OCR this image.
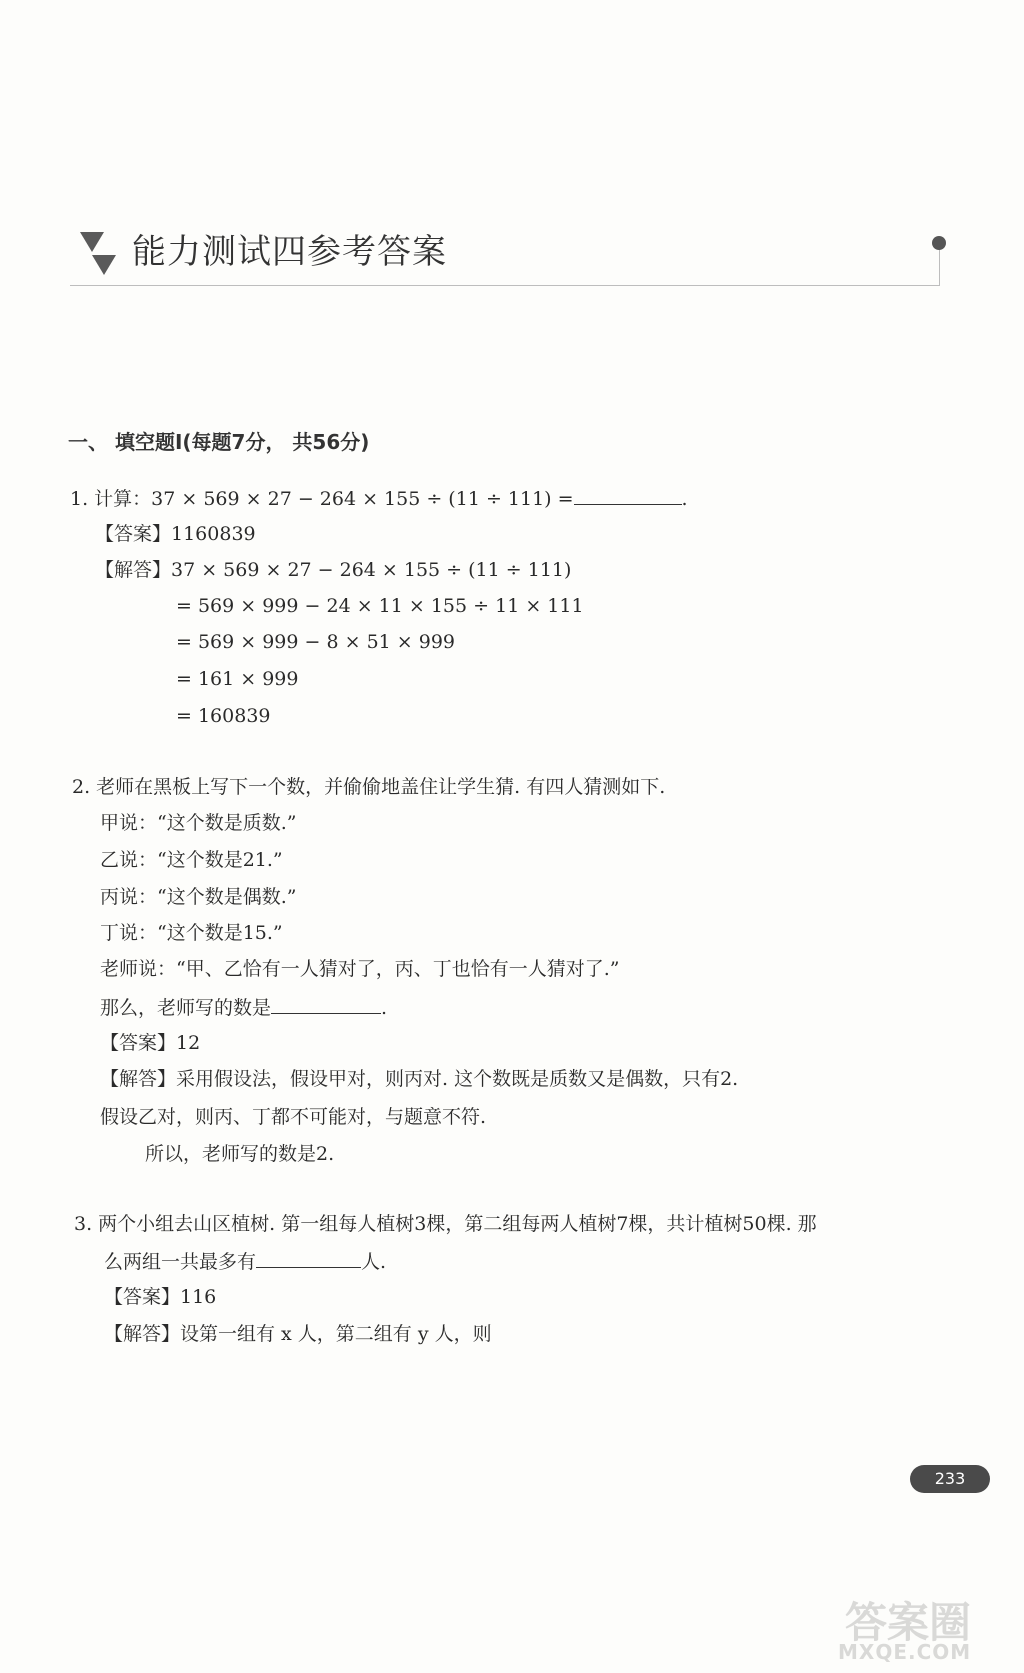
能力测试四参考答案
一、 填空题Ⅰ(每题7分， 共56分)
1. 计算：37 × 569 × 27 − 264 × 155 ÷ (11 ÷ 111) =	.
【答案】1160839
【解答】37 × 569 × 27 − 264 × 155 ÷ (11 ÷ 111)
= 569 × 999 − 24 × 11 × 155 ÷ 11 × 111
= 569 × 999 − 8 × 51 × 999
= 161 × 999
= 160839
2. 老师在黑板上写下一个数，并偷偷地盖住让学生猜. 有四人猜测如下.
甲说：“这个数是质数.”
乙说：“这个数是21.”
丙说：“这个数是偶数.”
丁说：“这个数是15.”
老师说：“甲、乙恰有一人猜对了，丙、丁也恰有一人猜对了.”
那么，老师写的数是	.
【答案】12
【解答】采用假设法，假设甲对，则丙对. 这个数既是质数又是偶数，只有2.
假设乙对，则丙、丁都不可能对，与题意不符.
所以，老师写的数是2.
3. 两个小组去山区植树. 第一组每人植树3棵，第二组每两人植树7棵，共计植树50棵. 那
么两组一共最多有	人.
【答案】116
【解答】设第一组有 x 人，第二组有 y 人，则
233
答案圈
MXQE.COM
